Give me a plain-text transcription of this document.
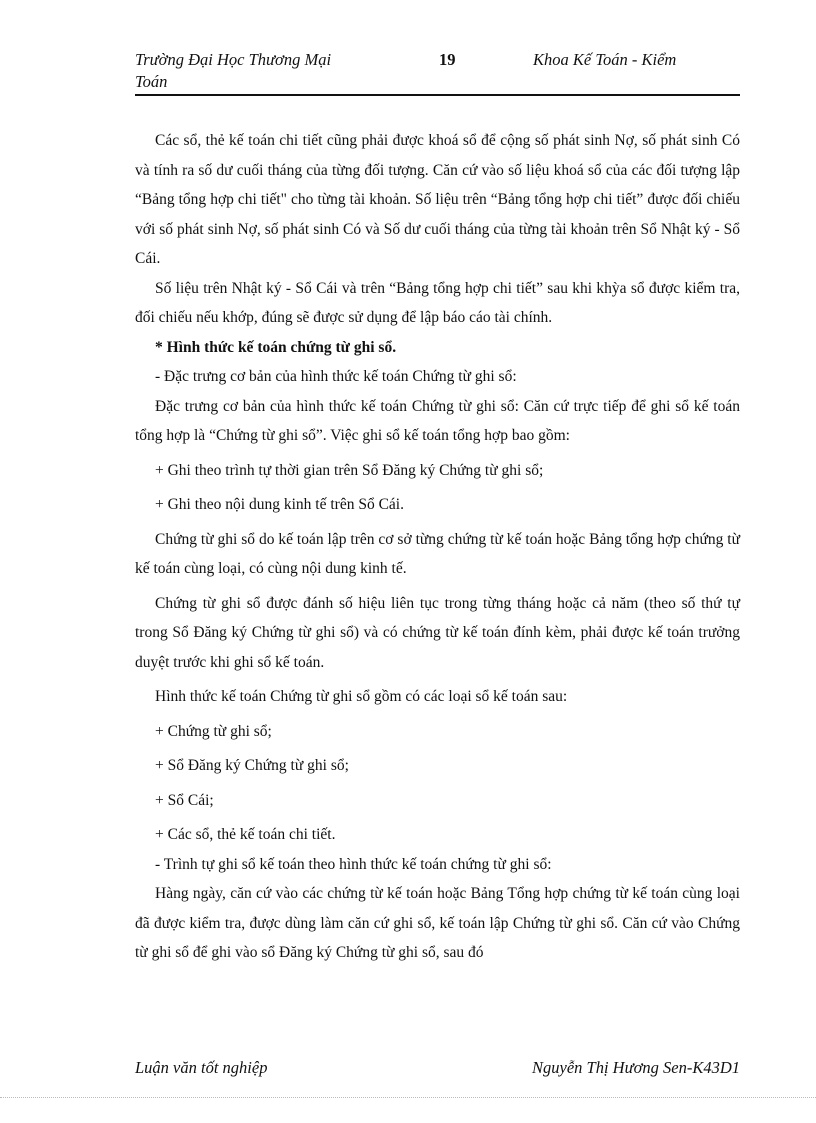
Trường Đại Học Thương Mại	19	Khoa Kế Toán - Kiểm
Toán

Các sổ, thẻ kế toán chi tiết cũng phải được khoá sổ để cộng số phát sinh Nợ, số phát sinh Có và tính ra số dư cuối tháng của từng đối tượng. Căn cứ vào số liệu khoá sổ của các đối tượng lập “Bảng tổng hợp chi tiết" cho từng tài khoản. Số liệu trên “Bảng tổng hợp chi tiết” được đối chiếu với số phát sinh Nợ, số phát sinh Có và Số dư cuối tháng của từng tài khoản trên Sổ Nhật ký - Sổ Cái.

Số liệu trên Nhật ký - Sổ Cái và trên “Bảng tổng hợp chi tiết” sau khi khỳa sổ được kiểm tra, đối chiếu nếu khớp, đúng sẽ được sử dụng để lập báo cáo tài chính.

* Hình thức kế toán chứng từ ghi sổ.

- Đặc trưng cơ bản của hình thức kế toán Chứng từ ghi sổ:

Đặc trưng cơ bản của hình thức kế toán Chứng từ ghi sổ: Căn cứ trực tiếp để ghi sổ kế toán tổng hợp là “Chứng từ ghi sổ”. Việc ghi sổ kế toán tổng hợp bao gồm:

+ Ghi theo trình tự thời gian trên Sổ Đăng ký Chứng từ ghi sổ;

+ Ghi theo nội dung kinh tế trên Sổ Cái.

Chứng từ ghi sổ do kế toán lập trên cơ sở từng chứng từ kế toán hoặc Bảng tổng hợp chứng từ kế toán cùng loại, có cùng nội dung kinh tế.

Chứng từ ghi sổ được đánh số hiệu liên tục trong từng tháng hoặc cả năm (theo số thứ tự trong Sổ Đăng ký Chứng từ ghi sổ) và có chứng từ kế toán đính kèm, phải được kế toán trưởng duyệt trước khi ghi sổ kế toán.

Hình thức kế toán Chứng từ ghi sổ gồm có các loại sổ kế toán sau:

+ Chứng từ ghi sổ;

+ Sổ Đăng ký Chứng từ ghi sổ;

+ Sổ Cái;

+ Các sổ, thẻ kế toán chi tiết.

- Trình tự ghi sổ kế toán theo hình thức kế toán chứng từ ghi sổ:

Hàng ngày, căn cứ vào các chứng từ kế toán hoặc Bảng Tổng hợp chứng từ kế toán cùng loại đã được kiểm tra, được dùng làm căn cứ ghi sổ, kế toán lập Chứng từ ghi sổ. Căn cứ vào Chứng từ ghi sổ để ghi vào sổ Đăng ký Chứng từ ghi sổ, sau đó

Luận văn tốt nghiệp	Nguyễn Thị Hương Sen-K43D1
